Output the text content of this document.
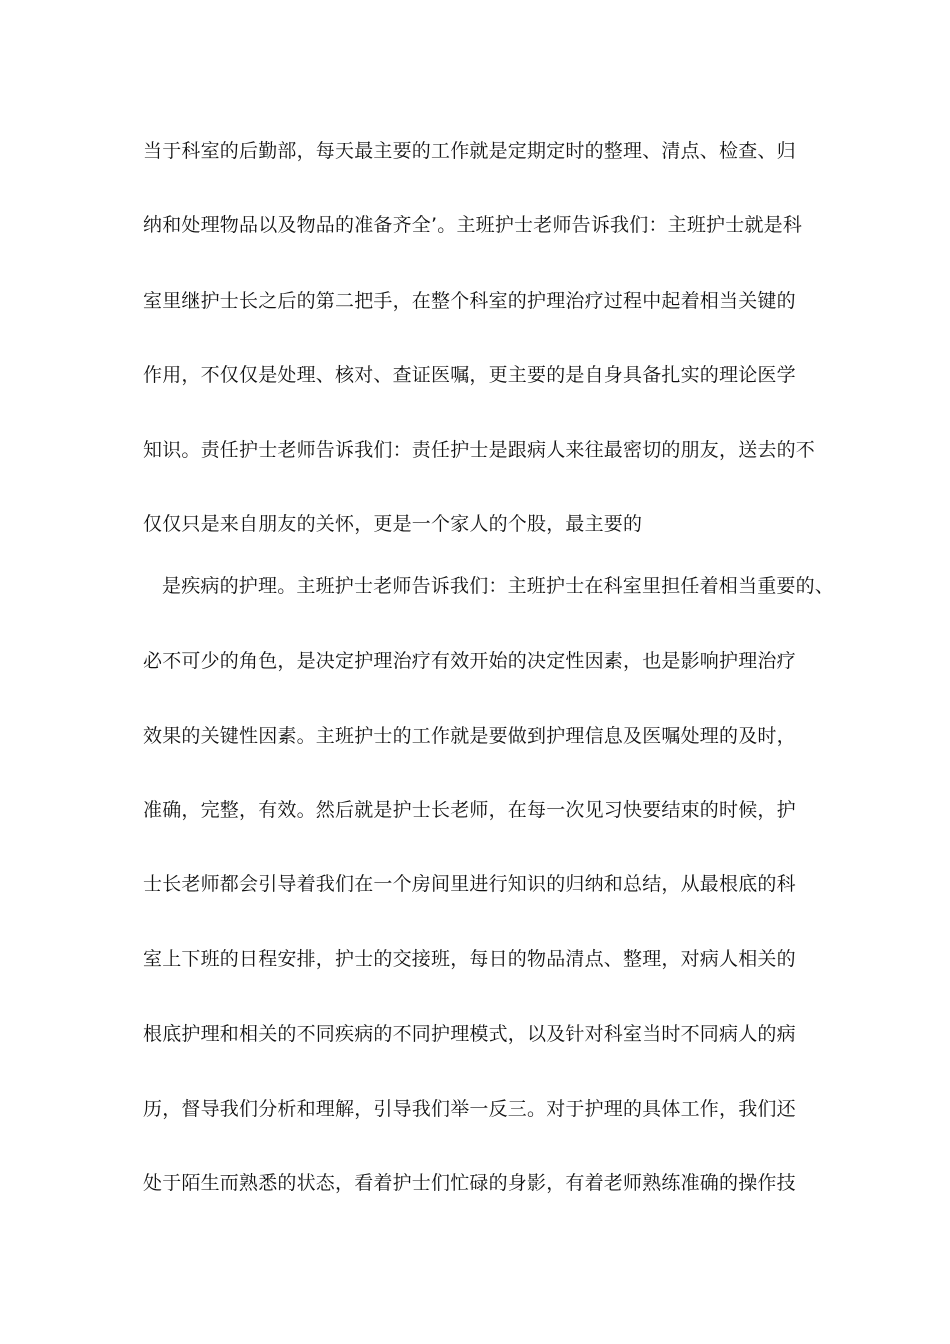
当于科室的后勤部，每天最主要的工作就是定期定时的整理、清点、检查、归
纳和处理物品以及物品的准备齐全’。主班护士老师告诉我们：主班护士就是科
室里继护士长之后的第二把手，在整个科室的护理治疗过程中起着相当关键的
作用，不仅仅是处理、核对、查证医嘱，更主要的是自身具备扎实的理论医学
知识。责任护士老师告诉我们：责任护士是跟病人来往最密切的朋友，送去的不
仅仅只是来自朋友的关怀，更是一个家人的个股，最主要的
是疾病的护理。主班护士老师告诉我们：主班护士在科室里担任着相当重要的、
必不可少的角色，是决定护理治疗有效开始的决定性因素，也是影响护理治疗
效果的关键性因素。主班护士的工作就是要做到护理信息及医嘱处理的及时，
准确，完整，有效。然后就是护士长老师，在每一次见习快要结束的时候，护
士长老师都会引导着我们在一个房间里进行知识的归纳和总结，从最根底的科
室上下班的日程安排，护士的交接班，每日的物品清点、整理，对病人相关的
根底护理和相关的不同疾病的不同护理模式，以及针对科室当时不同病人的病
历，督导我们分析和理解，引导我们举一反三。对于护理的具体工作，我们还
处于陌生而熟悉的状态，看着护士们忙碌的身影，有着老师熟练准确的操作技
